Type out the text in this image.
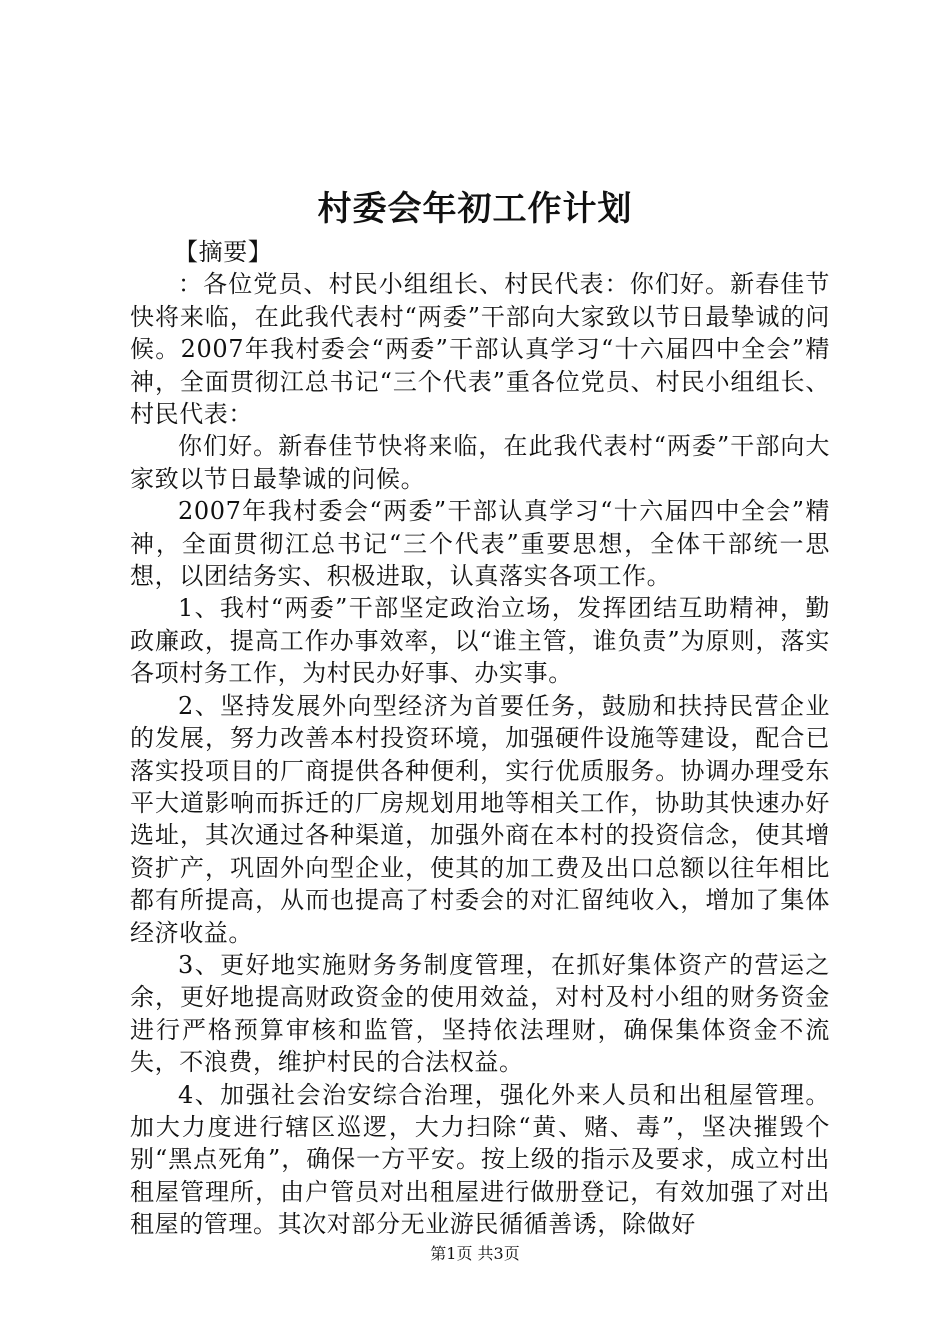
村委会年初工作计划

【摘要】

：各位党员、村民小组组长、村民代表：你们好。新春佳节快将来临，在此我代表村“两委”干部向大家致以节日最挚诚的问候。2007年我村委会“两委”干部认真学习“十六届四中全会”精神，全面贯彻江总书记“三个代表”重各位党员、村民小组组长、村民代表：

你们好。新春佳节快将来临，在此我代表村“两委”干部向大家致以节日最挚诚的问候。

2007年我村委会“两委”干部认真学习“十六届四中全会”精神，全面贯彻江总书记“三个代表”重要思想，全体干部统一思想，以团结务实、积极进取，认真落实各项工作。

1、我村“两委”干部坚定政治立场，发挥团结互助精神，勤政廉政，提高工作办事效率，以“谁主管，谁负责”为原则，落实各项村务工作，为村民办好事、办实事。

2、坚持发展外向型经济为首要任务，鼓励和扶持民营企业的发展，努力改善本村投资环境，加强硬件设施等建设，配合已落实投项目的厂商提供各种便利，实行优质服务。协调办理受东平大道影响而拆迁的厂房规划用地等相关工作，协助其快速办好选址，其次通过各种渠道，加强外商在本村的投资信念，使其增资扩产，巩固外向型企业，使其的加工费及出口总额以往年相比都有所提高，从而也提高了村委会的对汇留纯收入，增加了集体经济收益。

3、更好地实施财务务制度管理，在抓好集体资产的营运之余，更好地提高财政资金的使用效益，对村及村小组的财务资金进行严格预算审核和监管，坚持依法理财，确保集体资金不流失，不浪费，维护村民的合法权益。

4、加强社会治安综合治理，强化外来人员和出租屋管理。加大力度进行辖区巡逻，大力扫除“黄、赌、毒”，坚决摧毁个别“黑点死角”，确保一方平安。按上级的指示及要求，成立村出租屋管理所，由户管员对出租屋进行做册登记，有效加强了对出租屋的管理。其次对部分无业游民循循善诱，除做好

第1页 共3页
